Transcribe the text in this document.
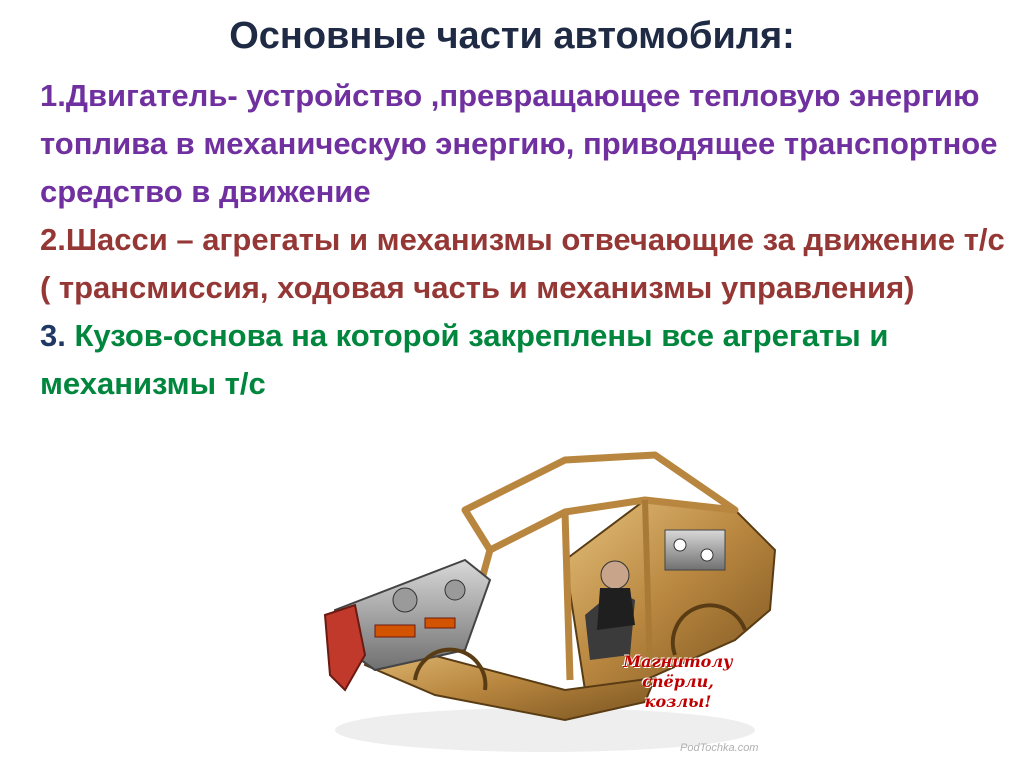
Основные части автомобиля:
1.Двигатель- устройство ,превращающее тепловую энергию топлива в механическую энергию, приводящее транспортное средство в движение
2.Шасси – агрегаты и механизмы отвечающие за движение т/с ( трансмиссия, ходовая часть и механизмы управления)
3. Кузов-основа на которой закреплены все агрегаты и механизмы т/с
Магнитолу спёрли,
козлы!
PodTochka.com
